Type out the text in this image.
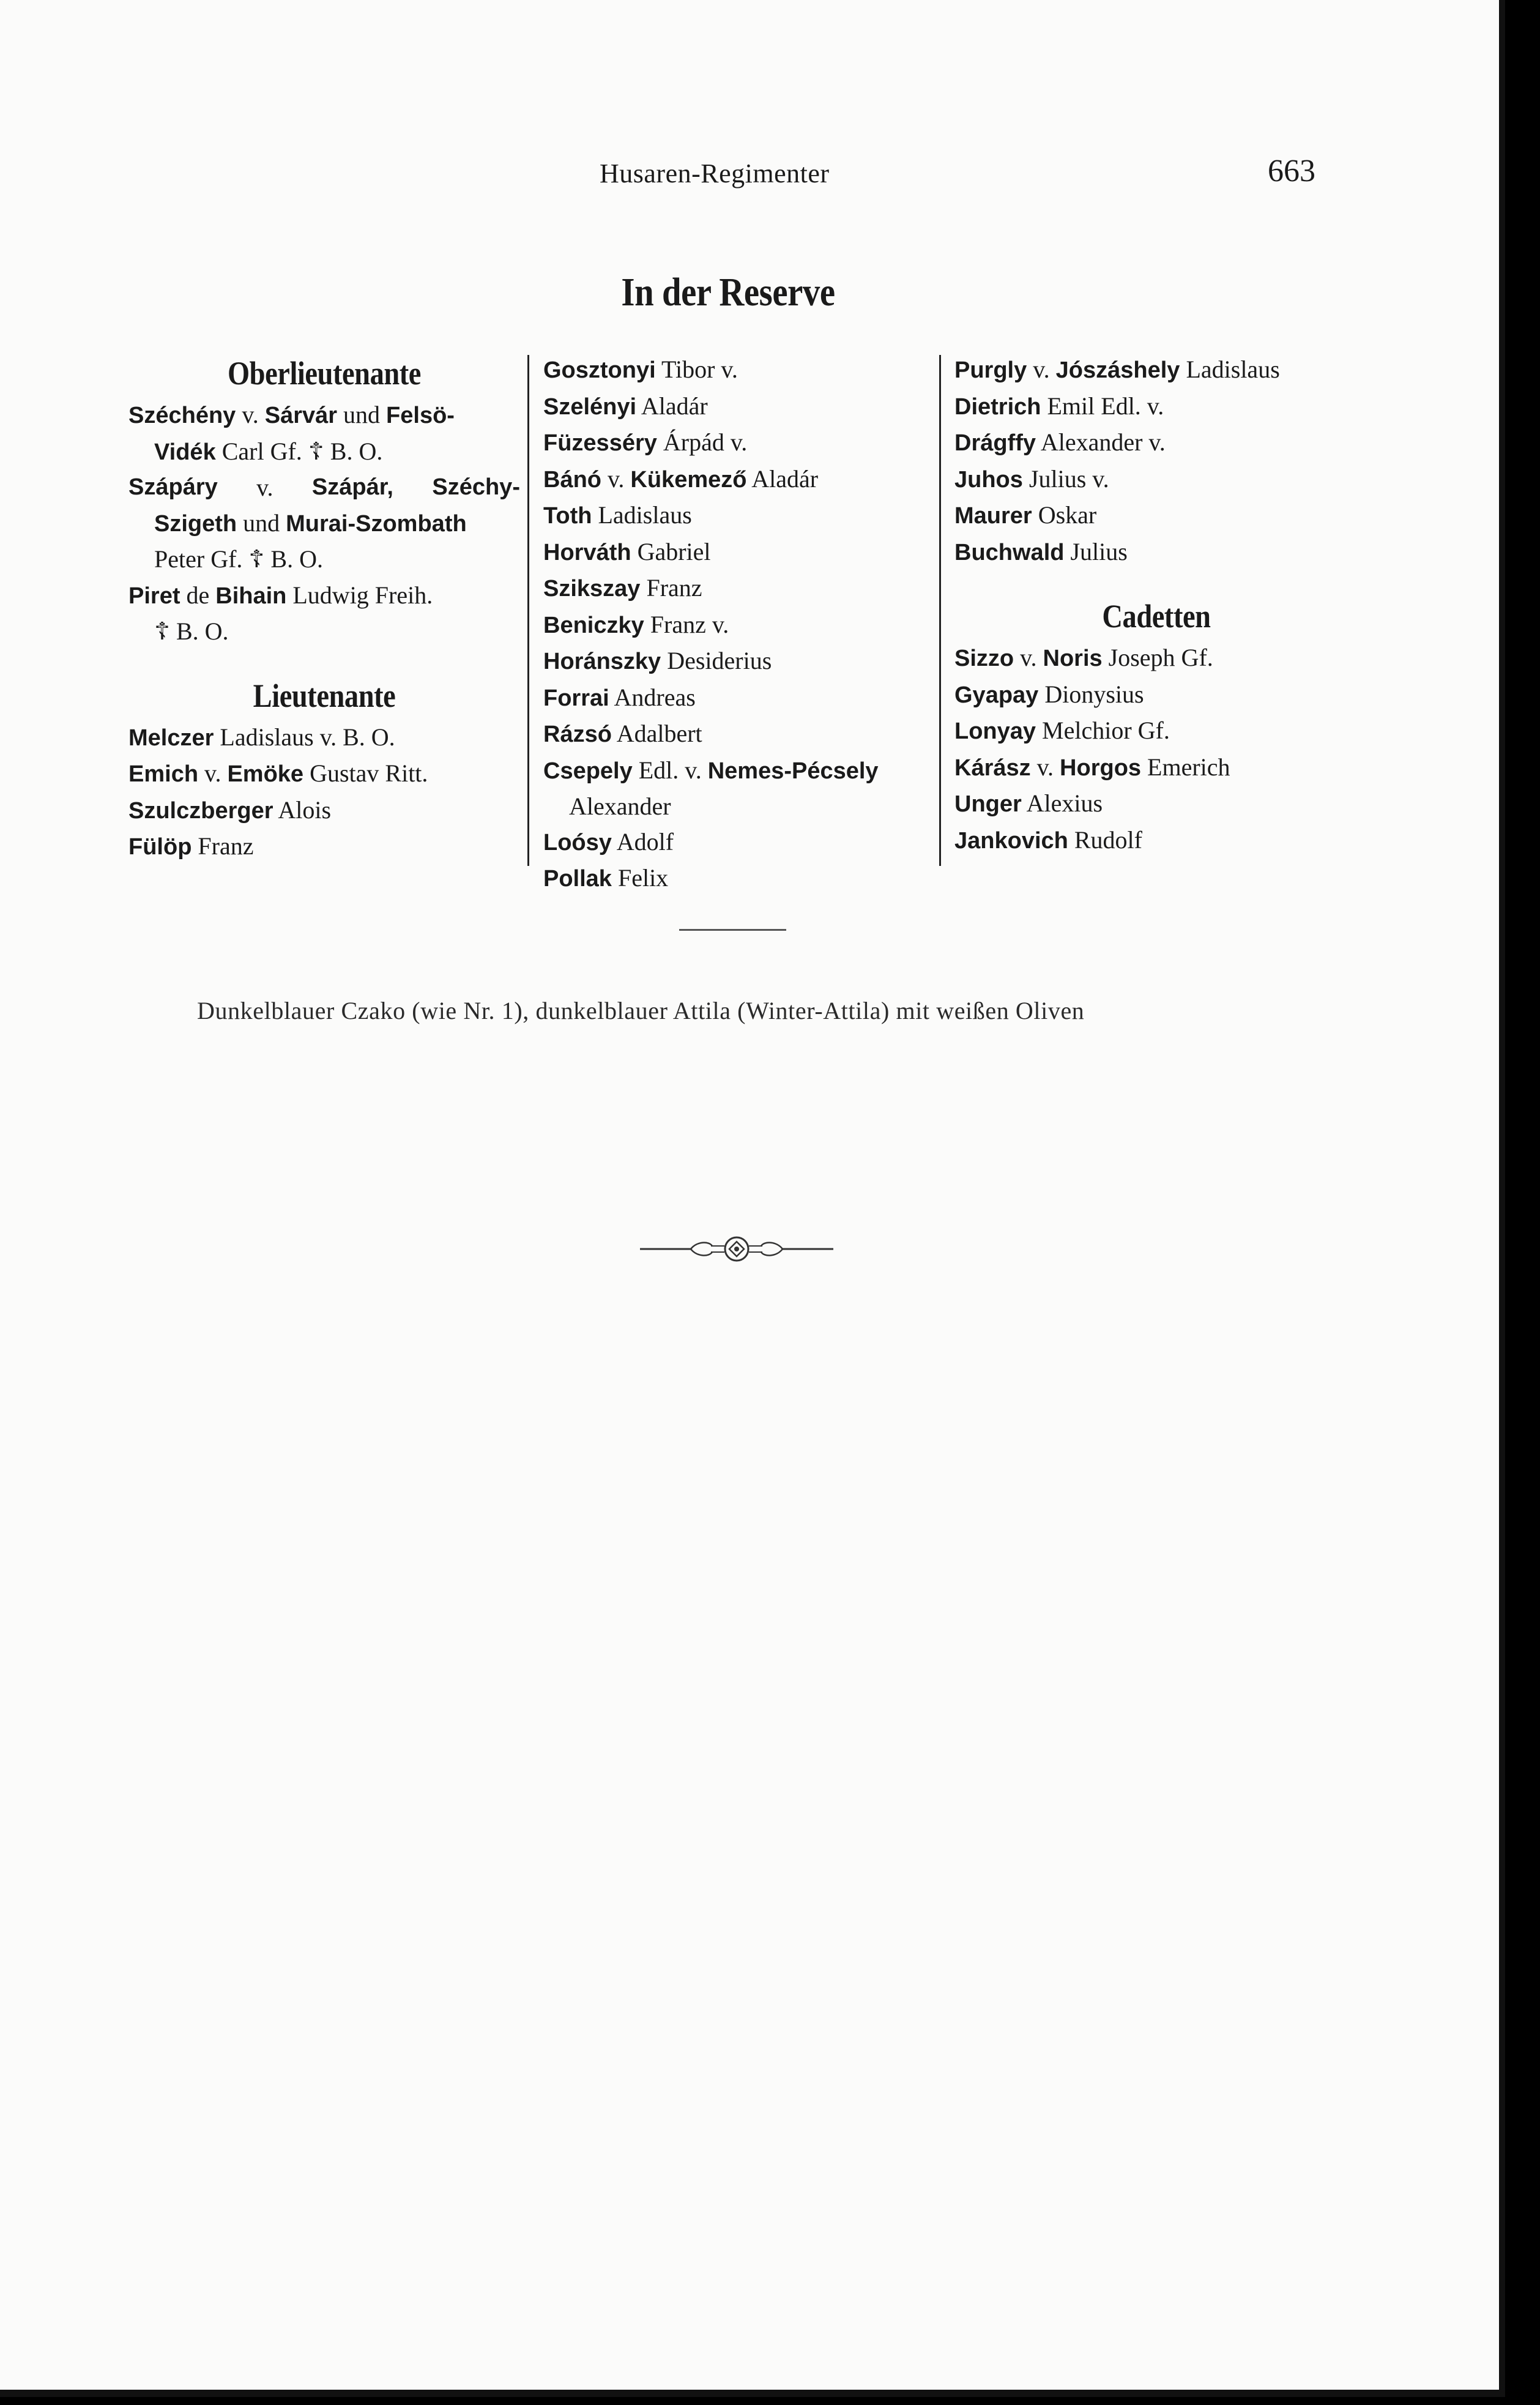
Husaren-Regimenter	663
In der Reserve
Oberlieutenante
Széchény v. Sárvár und Felsö-
Vidék Carl Gf. ☦ B. O.
Szápáry v. Szápár, Széchy-
Szigeth und Murai-Szombath
Peter Gf. ☦ B. O.
Piret de Bihain Ludwig Freih.
☦ B. O.
Lieutenante
Melczer Ladislaus v. B. O.
Emich v. Emöke Gustav Ritt.
Szulczberger Alois
Fülöp Franz
Gosztonyi Tibor v.
Szelényi Aladár
Füzesséry Árpád v.
Bánó v. Kükemező Aladár
Toth Ladislaus
Horváth Gabriel
Szikszay Franz
Beniczky Franz v.
Horánszky Desiderius
Forrai Andreas
Rázsó Adalbert
Csepely Edl. v. Nemes-Pécsely
Alexander
Loósy Adolf
Pollak Felix
Purgly v. Jószáshely Ladislaus
Dietrich Emil Edl. v.
Drágffy Alexander v.
Juhos Julius v.
Maurer Oskar
Buchwald Julius
Cadetten
Sizzo v. Noris Joseph Gf.
Gyapay Dionysius
Lonyay Melchior Gf.
Kárász v. Horgos Emerich
Unger Alexius
Jankovich Rudolf
Dunkelblauer Czako (wie Nr. 1), dunkelblauer Attila (Winter-Attila) mit weißen Oliven
